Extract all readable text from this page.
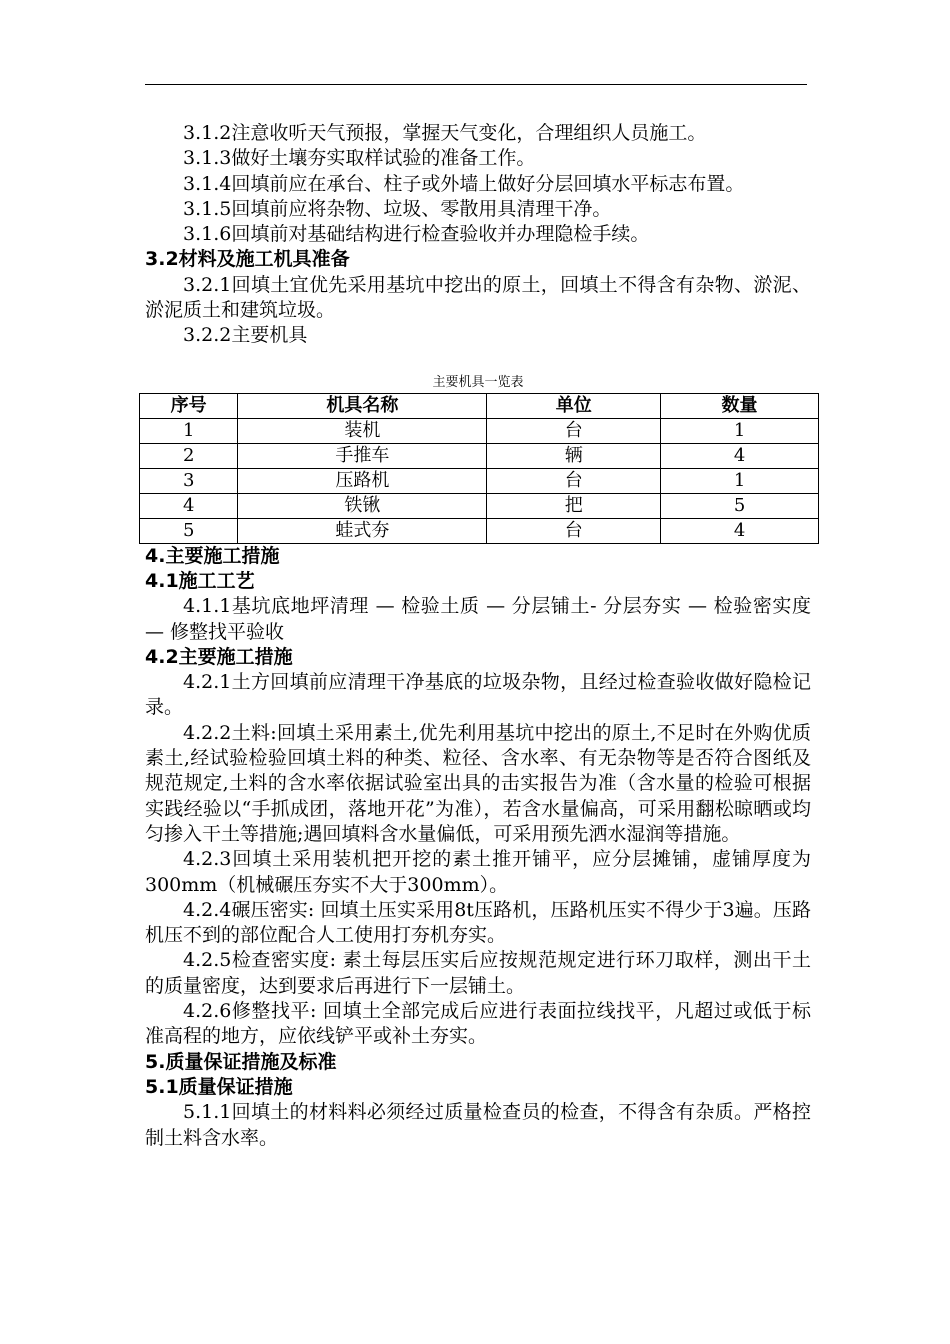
3.1.2注意收听天气预报，掌握天气变化，合理组织人员施工。

3.1.3做好土壤夯实取样试验的准备工作。

3.1.4回填前应在承台、柱子或外墙上做好分层回填水平标志布置。

3.1.5回填前应将杂物、垃圾、零散用具清理干净。

3.1.6回填前对基础结构进行检查验收并办理隐检手续。

3.2材料及施工机具准备

3.2.1回填土宜优先采用基坑中挖出的原土，回填土不得含有杂物、淤泥、淤泥质土和建筑垃圾。

3.2.2主要机具

主要机具一览表
序号	机具名称	单位	数量
1	装机	台	1
2	手推车	辆	4
3	压路机	台	1
4	铁锹	把	5
5	蛙式夯	台	4

4.主要施工措施

4.1施工工艺

4.1.1基坑底地坪清理 — 检验土质 — 分层铺土- 分层夯实 — 检验密实度 — 修整找平验收

4.2主要施工措施

4.2.1土方回填前应清理干净基底的垃圾杂物，且经过检查验收做好隐检记录。

4.2.2土料:回填土采用素土,优先利用基坑中挖出的原土,不足时在外购优质素土,经试验检验回填土料的种类、粒径、含水率、有无杂物等是否符合图纸及规范规定,土料的含水率依据试验室出具的击实报告为准（含水量的检验可根据实践经验以“手抓成团，落地开花”为准），若含水量偏高，可采用翻松晾晒或均匀掺入干土等措施;遇回填料含水量偏低，可采用预先洒水湿润等措施。

4.2.3回填土采用装机把开挖的素土推开铺平，应分层摊铺，虚铺厚度为300mm（机械碾压夯实不大于300mm）。

4.2.4碾压密实: 回填土压实采用8t压路机，压路机压实不得少于3遍。压路机压不到的部位配合人工使用打夯机夯实。

4.2.5检查密实度: 素土每层压实后应按规范规定进行环刀取样，测出干土的质量密度，达到要求后再进行下一层铺土。

4.2.6修整找平: 回填土全部完成后应进行表面拉线找平，凡超过或低于标准高程的地方，应依线铲平或补土夯实。

5.质量保证措施及标准

5.1质量保证措施

5.1.1回填土的材料料必须经过质量检查员的检查，不得含有杂质。严格控制土料含水率。
